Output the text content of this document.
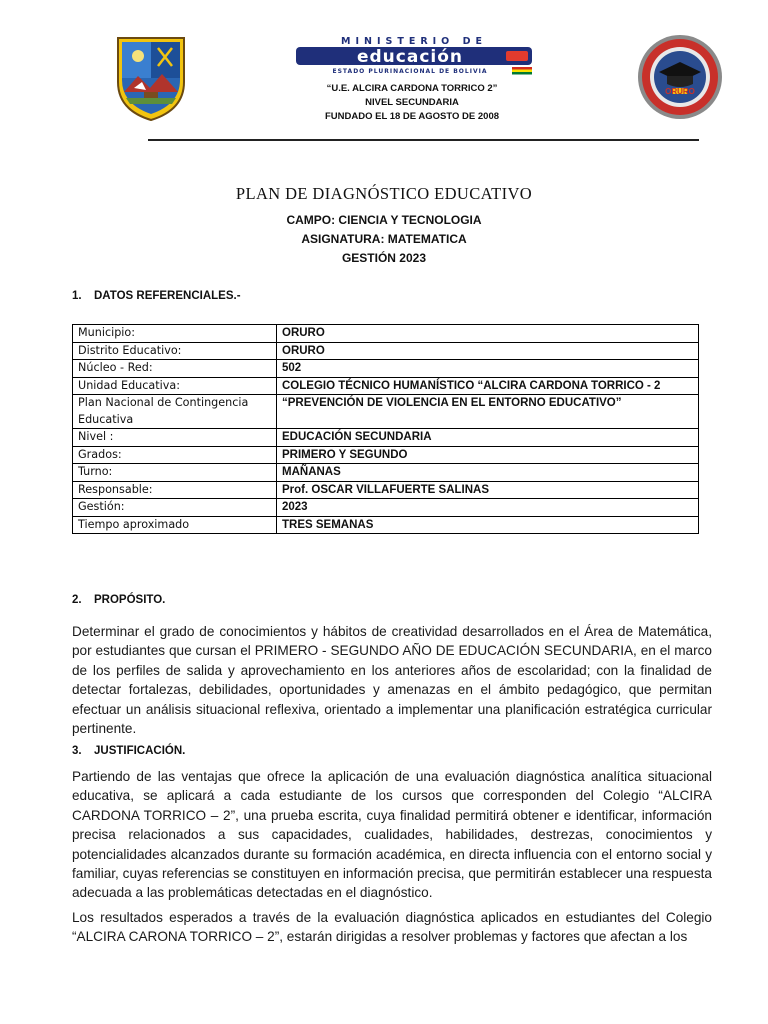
MINISTERIO DE
educación
ESTADO PLURINACIONAL DE BOLIVIA
ORURO
“U.E. ALCIRA CARDONA TORRICO 2”
NIVEL SECUNDARIA
FUNDADO EL 18 DE AGOSTO DE 2008
PLAN DE DIAGNÓSTICO EDUCATIVO
CAMPO: CIENCIA Y TECNOLOGIA
ASIGNATURA: MATEMATICA
GESTIÓN 2023
1. DATOS REFERENCIALES.-
Municipio:	ORURO
Distrito Educativo:	ORURO
Núcleo - Red:	502
Unidad Educativa:	COLEGIO TÉCNICO HUMANÍSTICO “ALCIRA CARDONA TORRICO - 2
Plan Nacional de Contingencia Educativa	“PREVENCIÓN DE VIOLENCIA EN EL ENTORNO EDUCATIVO”
Nivel :	EDUCACIÓN SECUNDARIA
Grados:	PRIMERO Y SEGUNDO
Turno:	MAÑANAS
Responsable:	Prof. OSCAR VILLAFUERTE SALINAS
Gestión:	2023
Tiempo aproximado	TRES SEMANAS
2. PROPÓSITO.

Determinar el grado de conocimientos y hábitos de creatividad desarrollados en el Área de Matemática, por estudiantes que cursan el PRIMERO - SEGUNDO AÑO DE EDUCACIÓN SECUNDARIA, en el marco de los perfiles de salida y aprovechamiento en los anteriores años de escolaridad; con la finalidad de detectar fortalezas, debilidades, oportunidades y amenazas en el ámbito pedagógico, que permitan efectuar un análisis situacional reflexiva, orientado a implementar una planificación estratégica curricular pertinente.

3. JUSTIFICACIÓN.

Partiendo de las ventajas que ofrece la aplicación de una evaluación diagnóstica analítica situacional educativa, se aplicará a cada estudiante de los cursos que corresponden del Colegio “ALCIRA CARDONA TORRICO – 2”, una prueba escrita, cuya finalidad permitirá obtener e identificar, información precisa relacionados a sus capacidades, cualidades, habilidades, destrezas, conocimientos y potencialidades alcanzados durante su formación académica, en directa influencia con el entorno social y familiar, cuyas referencias se constituyen en información precisa, que permitirán establecer una respuesta adecuada a las problemáticas detectadas en el diagnóstico.

Los resultados esperados a través de la evaluación diagnóstica aplicados en estudiantes del Colegio “ALCIRA CARONA TORRICO – 2”, estarán dirigidas a resolver problemas y factores que afectan a los
